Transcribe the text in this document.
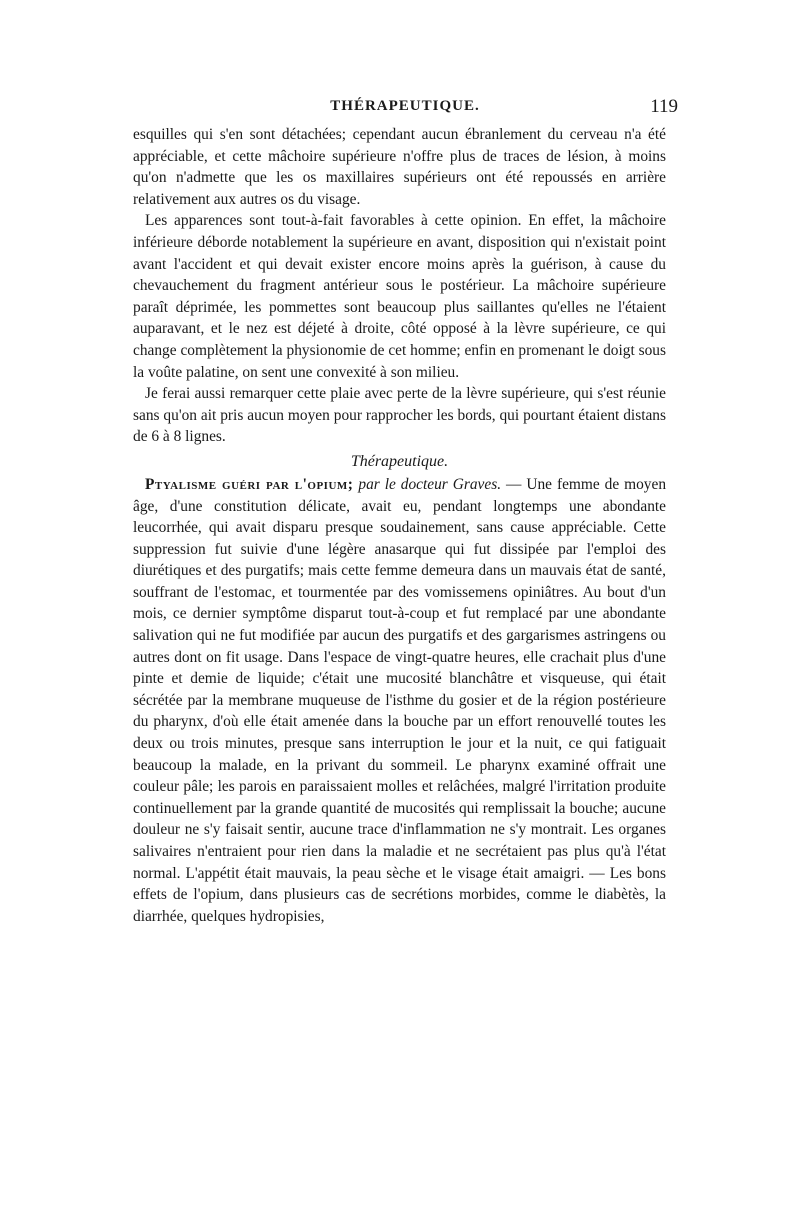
THÉRAPEUTIQUE.	119

esquilles qui s'en sont détachées; cependant aucun ébranlement du cerveau n'a été appréciable, et cette mâchoire supérieure n'offre plus de traces de lésion, à moins qu'on n'admette que les os maxillaires supérieurs ont été repoussés en arrière relativement aux autres os du visage.

Les apparences sont tout-à-fait favorables à cette opinion. En effet, la mâchoire inférieure déborde notablement la supérieure en avant, disposition qui n'existait point avant l'accident et qui devait exister encore moins après la guérison, à cause du chevauchement du fragment antérieur sous le postérieur. La mâchoire supérieure paraît déprimée, les pommettes sont beaucoup plus saillantes qu'elles ne l'étaient auparavant, et le nez est déjeté à droite, côté opposé à la lèvre supérieure, ce qui change complètement la physionomie de cet homme; enfin en promenant le doigt sous la voûte palatine, on sent une convexité à son milieu.

Je ferai aussi remarquer cette plaie avec perte de la lèvre supérieure, qui s'est réunie sans qu'on ait pris aucun moyen pour rapprocher les bords, qui pourtant étaient distans de 6 à 8 lignes.

Thérapeutique.

Ptyalisme guéri par l'opium; par le docteur Graves. — Une femme de moyen âge, d'une constitution délicate, avait eu, pendant longtemps une abondante leucorrhée, qui avait disparu presque soudainement, sans cause appréciable. Cette suppression fut suivie d'une légère anasarque qui fut dissipée par l'emploi des diurétiques et des purgatifs; mais cette femme demeura dans un mauvais état de santé, souffrant de l'estomac, et tourmentée par des vomissemens opiniâtres. Au bout d'un mois, ce dernier symptôme disparut tout-à-coup et fut remplacé par une abondante salivation qui ne fut modifiée par aucun des purgatifs et des gargarismes astringens ou autres dont on fit usage. Dans l'espace de vingt-quatre heures, elle crachait plus d'une pinte et demie de liquide; c'était une mucosité blanchâtre et visqueuse, qui était sécrétée par la membrane muqueuse de l'isthme du gosier et de la région postérieure du pharynx, d'où elle était amenée dans la bouche par un effort renouvellé toutes les deux ou trois minutes, presque sans interruption le jour et la nuit, ce qui fatiguait beaucoup la malade, en la privant du sommeil. Le pharynx examiné offrait une couleur pâle; les parois en paraissaient molles et relâchées, malgré l'irritation produite continuellement par la grande quantité de mucosités qui remplissait la bouche; aucune douleur ne s'y faisait sentir, aucune trace d'inflammation ne s'y montrait. Les organes salivaires n'entraient pour rien dans la maladie et ne secrétaient pas plus qu'à l'état normal. L'appétit était mauvais, la peau sèche et le visage était amaigri. — Les bons effets de l'opium, dans plusieurs cas de secrétions morbides, comme le diabètès, la diarrhée, quelques hydropisies,
